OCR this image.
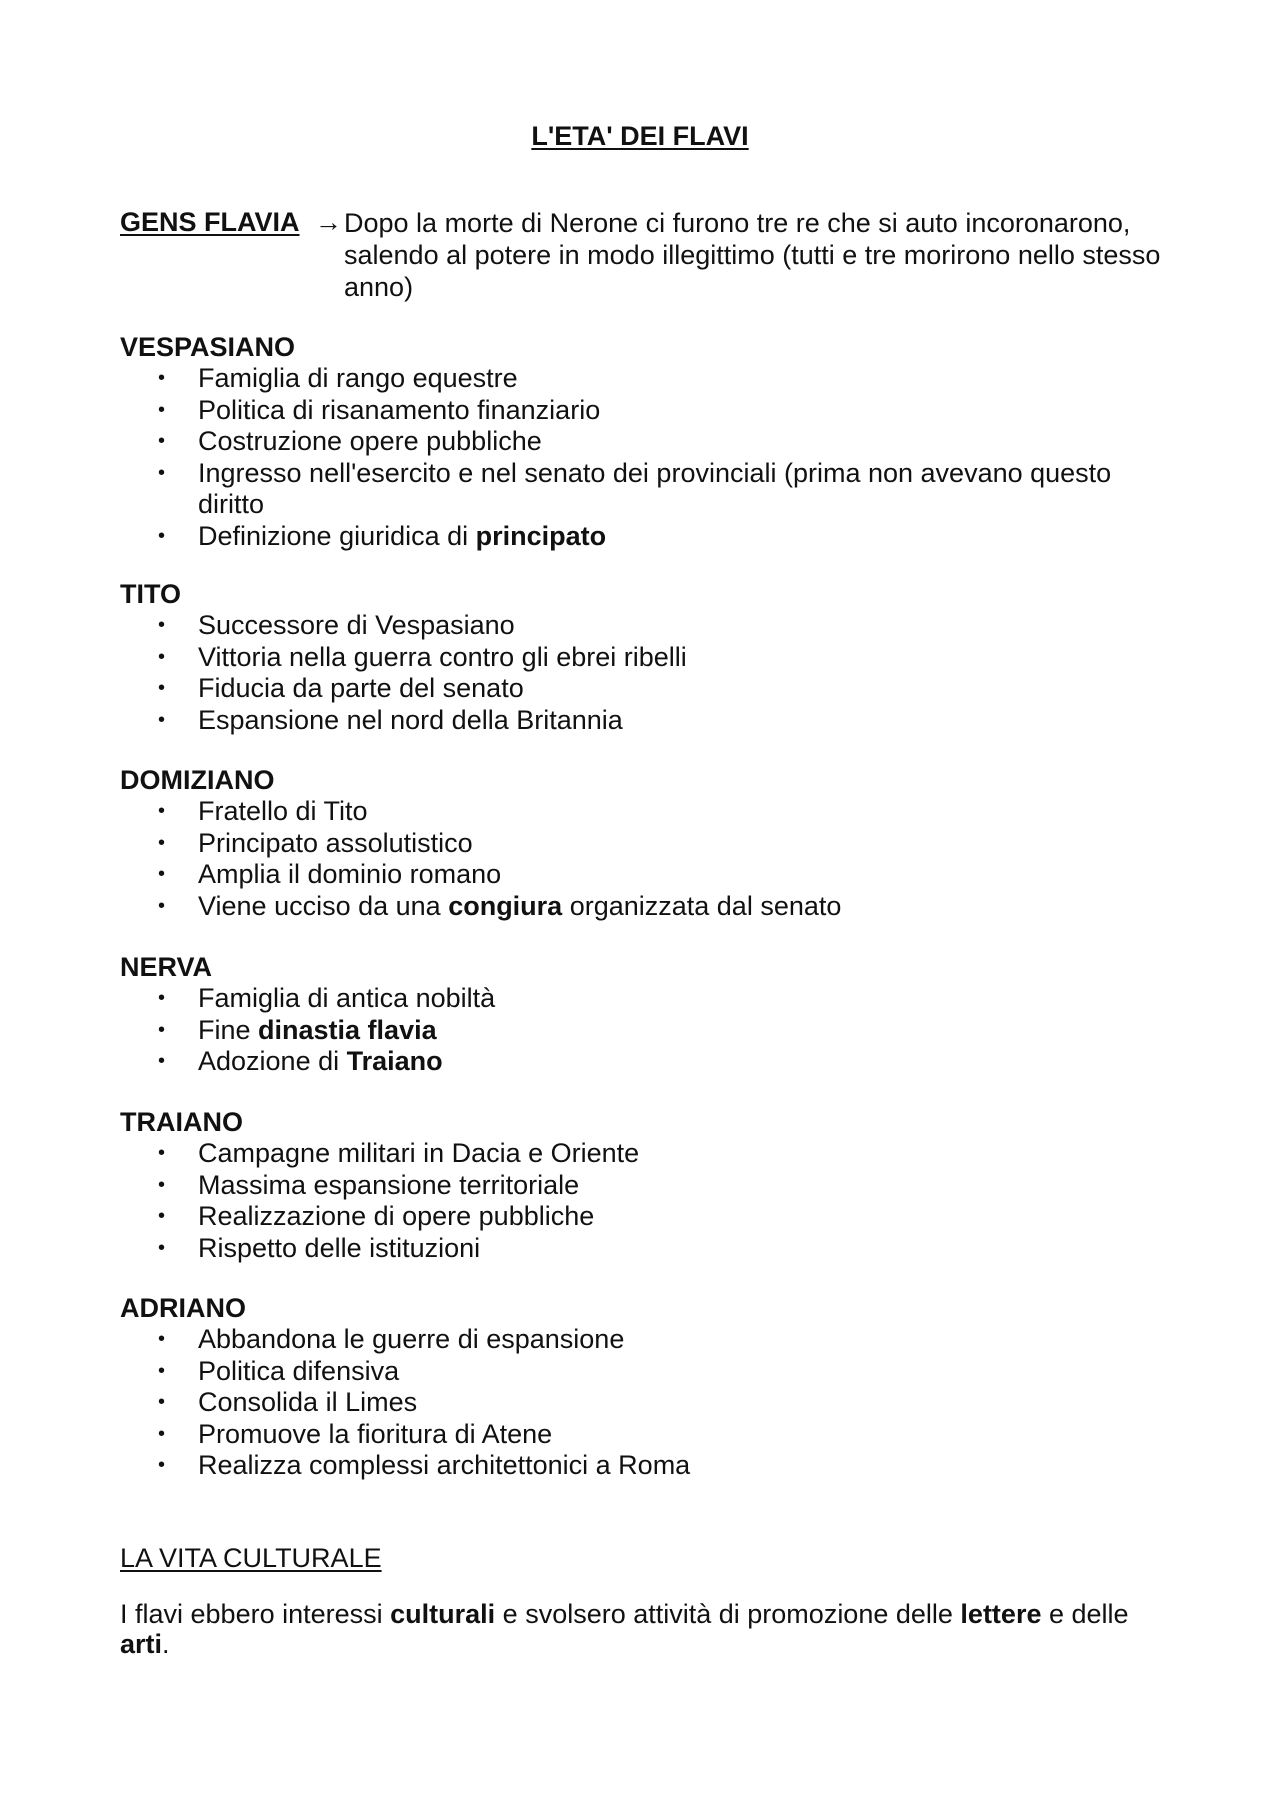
L'ETA' DEI FLAVI
GENS FLAVIA → Dopo la morte di Nerone ci furono tre re che si auto incoronarono, salendo al potere in modo illegittimo (tutti e tre morirono nello stesso anno)
VESPASIANO
• Famiglia di rango equestre
• Politica di risanamento finanziario
• Costruzione opere pubbliche
• Ingresso nell'esercito e nel senato dei provinciali (prima non avevano questo diritto
• Definizione giuridica di principato
TITO
• Successore di Vespasiano
• Vittoria nella guerra contro gli ebrei ribelli
• Fiducia da parte del senato
• Espansione nel nord della Britannia
DOMIZIANO
• Fratello di Tito
• Principato assolutistico
• Amplia il dominio romano
• Viene ucciso da una congiura organizzata dal senato
NERVA
• Famiglia di antica nobiltà
• Fine dinastia flavia
• Adozione di Traiano
TRAIANO
• Campagne militari in Dacia e Oriente
• Massima espansione territoriale
• Realizzazione di opere pubbliche
• Rispetto delle istituzioni
ADRIANO
• Abbandona le guerre di espansione
• Politica difensiva
• Consolida il Limes
• Promuove la fioritura di Atene
• Realizza complessi architettonici a Roma
LA VITA CULTURALE
I flavi ebbero interessi culturali e svolsero attività di promozione delle lettere e delle arti.
